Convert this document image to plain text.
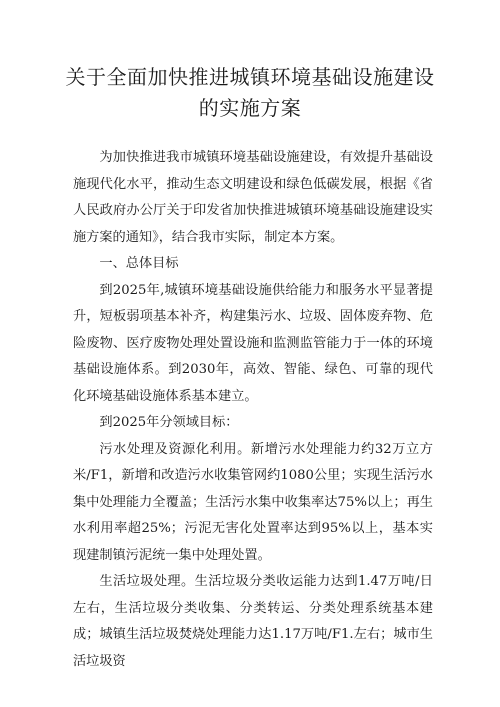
关于全面加快推进城镇环境基础设施建设
的实施方案

为加快推进我市城镇环境基础设施建设，有效提升基础设施现代化水平，推动生态文明建设和绿色低碳发展，根据《省人民政府办公厅关于印发省加快推进城镇环境基础设施建设实施方案的通知》，结合我市实际，制定本方案。

一、总体目标

到2025年,城镇环境基础设施供给能力和服务水平显著提升，短板弱项基本补齐，构建集污水、垃圾、固体废弃物、危险废物、医疗废物处理处置设施和监测监管能力于一体的环境基础设施体系。到2030年，高效、智能、绿色、可靠的现代化环境基础设施体系基本建立。

到2025年分领域目标：

污水处理及资源化利用。新增污水处理能力约32万立方米/F1，新增和改造污水收集管网约1080公里；实现生活污水集中处理能力全覆盖；生活污水集中收集率达75%以上；再生水利用率超25%；污泥无害化处置率达到95%以上，基本实现建制镇污泥统一集中处理处置。

生活垃圾处理。生活垃圾分类收运能力达到1.47万吨/日左右，生活垃圾分类收集、分类转运、分类处理系统基本建成；城镇生活垃圾焚烧处理能力达1.17万吨/F1.左右；城市生活垃圾资
